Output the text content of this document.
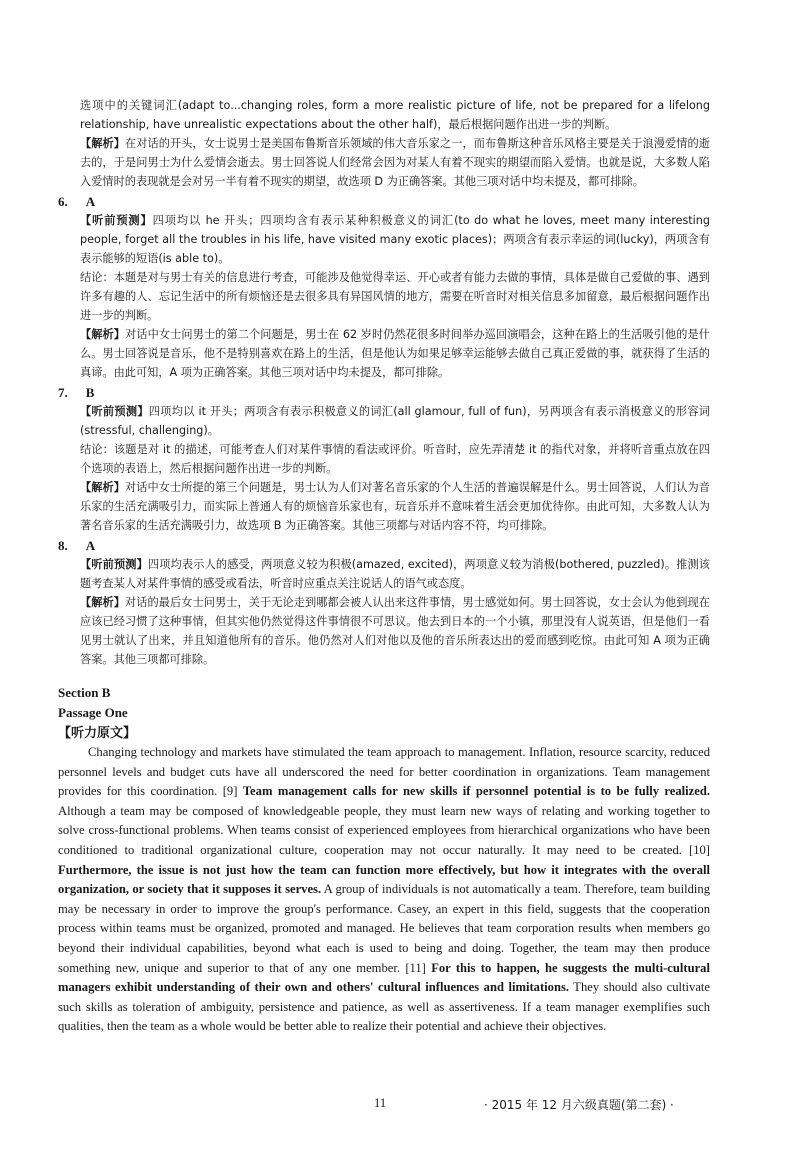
选项中的关键词汇(adapt to...changing roles, form a more realistic picture of life, not be prepared for a lifelong relationship, have unrealistic expectations about the other half)，最后根据问题作出进一步的判断。
【解析】在对话的开头，女士说男士是美国布鲁斯音乐领域的伟大音乐家之一，而布鲁斯这种音乐风格主要是关于浪漫爱情的逝去的，于是问男士为什么爱情会逝去。男士回答说人们经常会因为对某人有着不现实的期望而陷入爱情。也就是说，大多数人陷入爱情时的表现就是会对另一半有着不现实的期望，故选项 D 为正确答案。其他三项对话中均未提及，都可排除。

6. A

【听前预测】四项均以 he 开头；四项均含有表示某种积极意义的词汇(to do what he loves, meet many interesting people, forget all the troubles in his life, have visited many exotic places)；两项含有表示幸运的词(lucky)，两项含有表示能够的短语(is able to)。
结论：本题是对与男士有关的信息进行考查，可能涉及他觉得幸运、开心或者有能力去做的事情，具体是做自己爱做的事、遇到许多有趣的人、忘记生活中的所有烦恼还是去很多具有异国风情的地方，需要在听音时对相关信息多加留意，最后根据问题作出进一步的判断。
【解析】对话中女士问男士的第二个问题是，男士在 62 岁时仍然花很多时间举办巡回演唱会，这种在路上的生活吸引他的是什么。男士回答说是音乐，他不是特别喜欢在路上的生活，但是他认为如果足够幸运能够去做自己真正爱做的事，就获得了生活的真谛。由此可知，A 项为正确答案。其他三项对话中均未提及，都可排除。

7. B

【听前预测】四项均以 it 开头；两项含有表示积极意义的词汇(all glamour, full of fun)，另两项含有表示消极意义的形容词(stressful, challenging)。
结论：该题是对 it 的描述，可能考查人们对某件事情的看法或评价。听音时，应先弄清楚 it 的指代对象，并将听音重点放在四个选项的表语上，然后根据问题作出进一步的判断。
【解析】对话中女士所提的第三个问题是，男士认为人们对著名音乐家的个人生活的普遍误解是什么。男士回答说，人们认为音乐家的生活充满吸引力，而实际上普通人有的烦恼音乐家也有，玩音乐并不意味着生活会更加优待你。由此可知，大多数人认为著名音乐家的生活充满吸引力，故选项 B 为正确答案。其他三项都与对话内容不符，均可排除。

8. A

【听前预测】四项均表示人的感受，两项意义较为积极(amazed, excited)，两项意义较为消极(bothered, puzzled)。推测该题考查某人对某件事情的感受或看法，听音时应重点关注说话人的语气或态度。
【解析】对话的最后女士问男士，关于无论走到哪都会被人认出来这件事情，男士感觉如何。男士回答说，女士会认为他到现在应该已经习惯了这种事情，但其实他仍然觉得这件事情很不可思议。他去到日本的一个小镇，那里没有人说英语，但是他们一看见男士就认了出来，并且知道他所有的音乐。他仍然对人们对他以及他的音乐所表达出的爱而感到吃惊。由此可知 A 项为正确答案。其他三项都可排除。

Section B
Passage One
【听力原文】

Changing technology and markets have stimulated the team approach to management. Inflation, resource scarcity, reduced personnel levels and budget cuts have all underscored the need for better coordination in organizations. Team management provides for this coordination. [9] Team management calls for new skills if personnel potential is to be fully realized. Although a team may be composed of knowledgeable people, they must learn new ways of relating and working together to solve cross-functional problems. When teams consist of experienced employees from hierarchical organizations who have been conditioned to traditional organizational culture, cooperation may not occur naturally. It may need to be created. [10] Furthermore, the issue is not just how the team can function more effectively, but how it integrates with the overall organization, or society that it supposes it serves. A group of individuals is not automatically a team. Therefore, team building may be necessary in order to improve the group's performance. Casey, an expert in this field, suggests that the cooperation process within teams must be organized, promoted and managed. He believes that team corporation results when members go beyond their individual capabilities, beyond what each is used to being and doing. Together, the team may then produce something new, unique and superior to that of any one member. [11] For this to happen, he suggests the multi-cultural managers exhibit understanding of their own and others' cultural influences and limitations. They should also cultivate such skills as toleration of ambiguity, persistence and patience, as well as assertiveness. If a team manager exemplifies such qualities, then the team as a whole would be better able to realize their potential and achieve their objectives.

11	· 2015 年 12 月六级真题(第二套) ·
